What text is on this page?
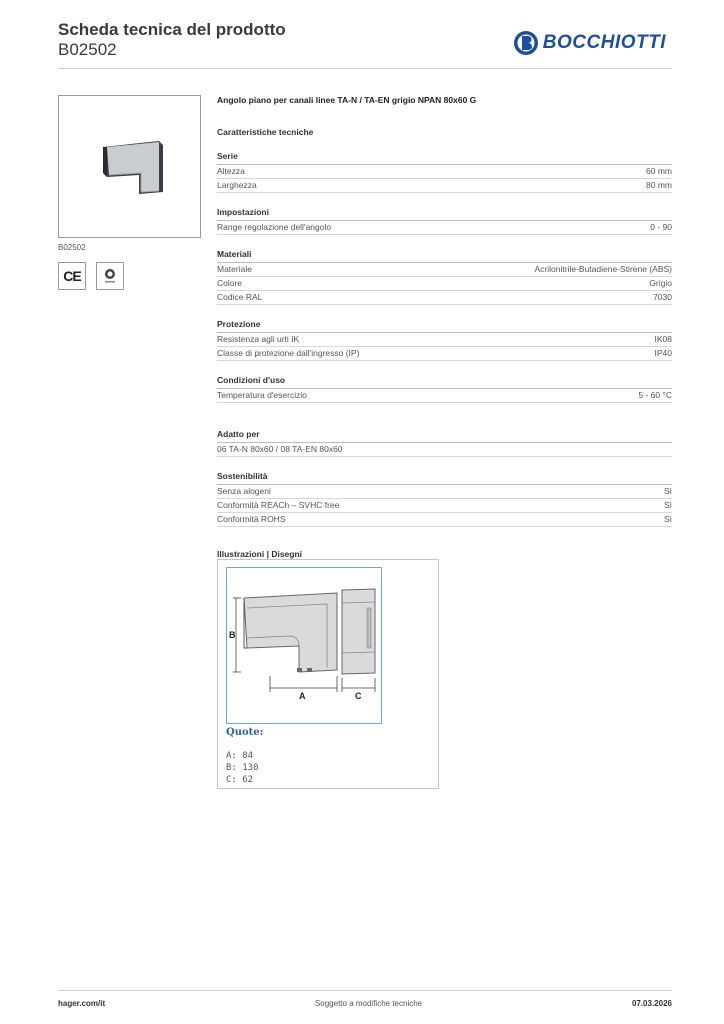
Scheda tecnica del prodotto
B02502	BOCCHIOTTI
B02502
CE
Angolo piano per canali linee TA-N / TA-EN grigio NPAN 80x60 G
Caratteristiche tecniche
Serie
Altezza	60 mm
Larghezza	80 mm
Impostazioni
Range regolazione dell'angolo	0 - 90
Materiali
Materiale	Acrilonitrile-Butadiene-Stirene (ABS)
Colore	Grigio
Codice RAL	7030
Protezione
Resistenza agli urti IK	IK08
Classe di protezione dall'ingresso (IP)	IP40
Condizioni d'uso
Temperatura d'esercizio	5 - 60 °C
Adatto per
06 TA-N 80x60 / 08 TA-EN 80x60
Sostenibilità
Senza alogeni	Sì
Conformità REACh – SVHC free	Sì
Conformità ROHS	Sì
Illustrazioni | Disegni
B
A	C
Quote:
A: 84
B: 130
C: 62
hager.com/it	Soggetto a modifiche tecniche	07.03.2026
